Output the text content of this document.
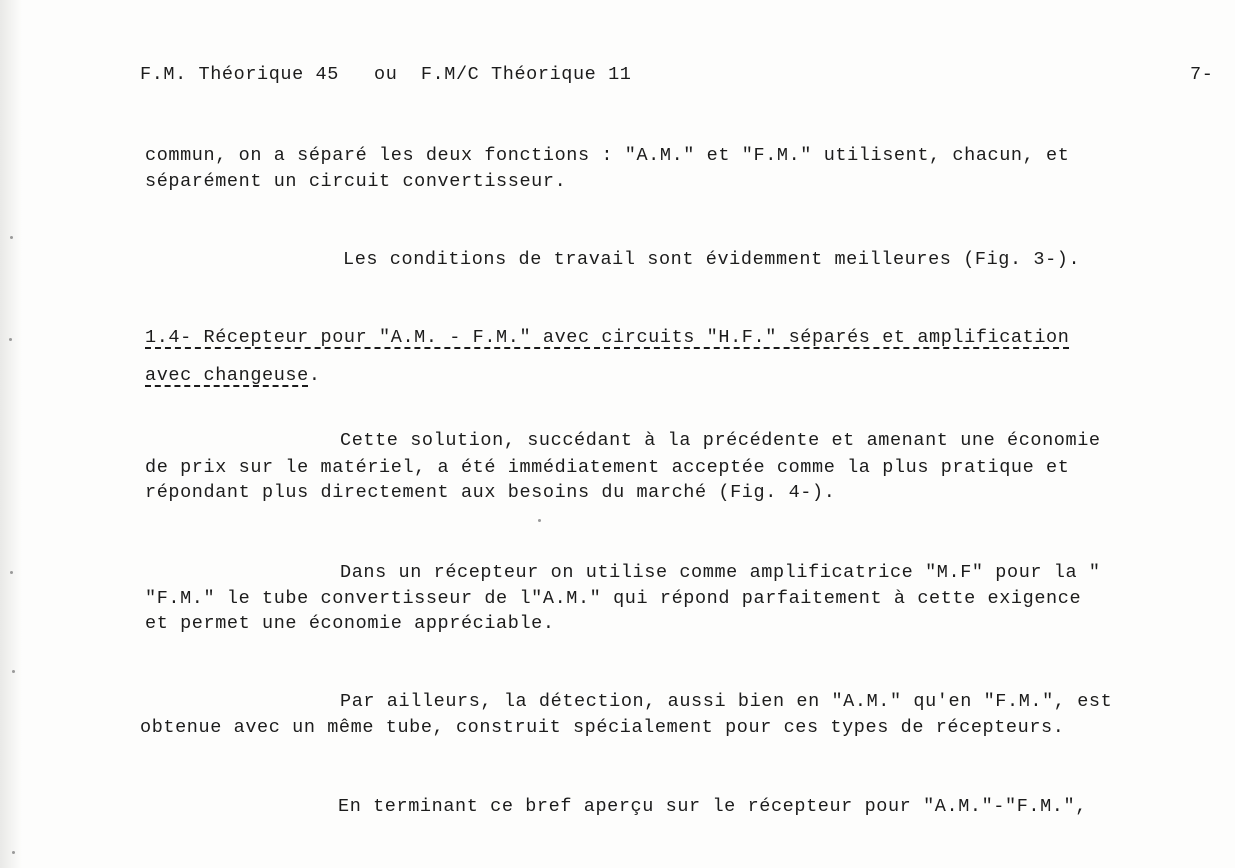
F.M. Théorique 45   ou  F.M/C Théorique 11	7-

commun, on a séparé les deux fonctions : "A.M." et "F.M." utilisent, chacun, et

séparément un circuit convertisseur.

Les conditions de travail sont évidemment meilleures (Fig. 3-).

1.4- Récepteur pour "A.M. - F.M." avec circuits "H.F." séparés et amplification

avec changeuse.

Cette solution, succédant à la précédente et amenant une économie

de prix sur le matériel, a été immédiatement acceptée comme la plus pratique et

répondant plus directement aux besoins du marché (Fig. 4-).

Dans un récepteur on utilise comme amplificatrice "M.F" pour la "

"F.M." le tube convertisseur de l"A.M." qui répond parfaitement à cette exigence

et permet une économie appréciable.

Par ailleurs, la détection, aussi bien en "A.M." qu'en "F.M.", est

obtenue avec un même tube, construit spécialement pour ces types de récepteurs.

En terminant ce bref aperçu sur le récepteur pour "A.M."-"F.M.",
